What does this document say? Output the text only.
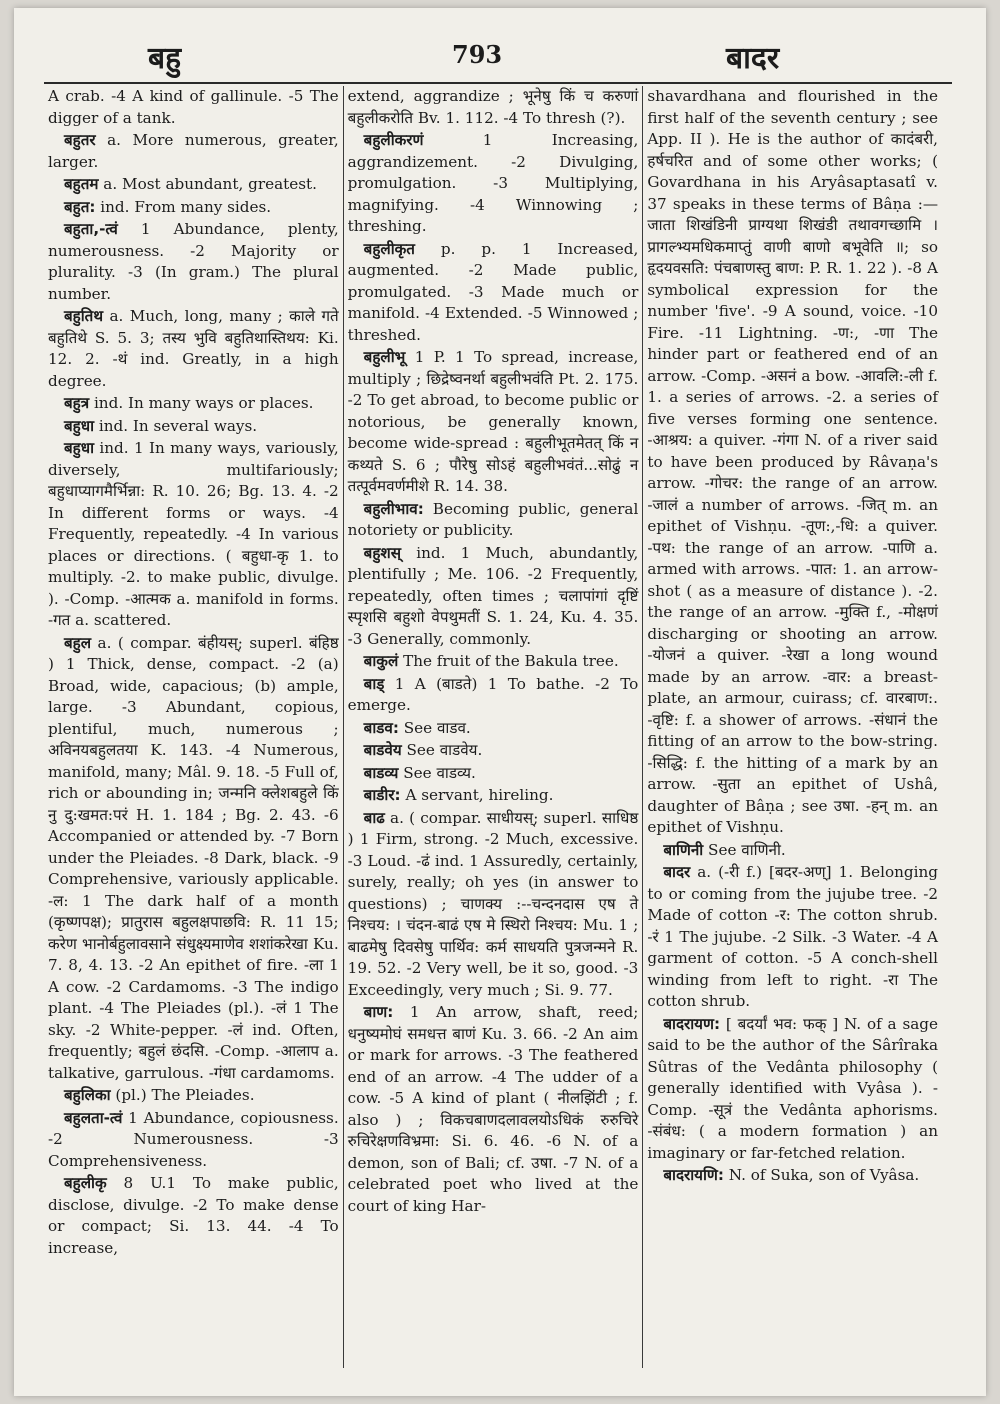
बहु	793	बादर

A crab. -4 A kind of gallinule. -5 The digger of a tank.

बहुतर a. More numerous, greater, larger.

बहुतम a. Most abundant, greatest.

बहुत: ind. From many sides.

बहुता,-त्वं 1 Abundance, plenty, numerousness. -2 Majority or plurality. -3 (In gram.) The plural number.

बहुतिथ a. Much, long, many ; काले गते बहुतिथे S. 5. 3; तस्य भुवि बहुतिथास्तिथय: Ki. 12. 2. -थं ind. Greatly, in a high degree.

बहुत्र ind. In many ways or places.

बहुधा ind. In several ways.

बहुधा ind. 1 In many ways, variously, diversely, multifariously; बहुधाप्यागमैर्भिन्ना: R. 10. 26; Bg. 13. 4. -2 In different forms or ways. -4 Frequently, repeatedly. -4 In various places or directions. ( बहुधा-कृ 1. to multiply. -2. to make public, divulge. ). -Comp. -आत्मक a. manifold in forms. -गत a. scattered.

बहुल a. ( compar. बंहीयस्; superl. बंहिष्ठ ) 1 Thick, dense, compact. -2 (a) Broad, wide, capacious; (b) ample, large. -3 Abundant, copious, plentiful, much, numerous ; अविनयबहुलतया K. 143. -4 Numerous, manifold, many; Mâl. 9. 18. -5 Full of, rich or abounding in; जन्मनि क्लेशबहुले किं नु दु:खमत:परं H. 1. 184 ; Bg. 2. 43. -6 Accompanied or attended by. -7 Born under the Pleiades. -8 Dark, black. -9 Comprehensive, variously applicable. -ल: 1 The dark half of a month (कृष्णपक्ष); प्रातुरास बहुलक्षपाछवि: R. 11 15; करेण भानोर्बहुलावसाने संधुक्ष्यमाणेव शशांकरेखा Ku. 7. 8, 4. 13. -2 An epithet of fire. -ला 1 A cow. -2 Cardamoms. -3 The indigo plant. -4 The Pleiades (pl.). -लं 1 The sky. -2 White-pepper. -लं ind. Often, frequently; बहुलं छंदसि. -Comp. -आलाप a. talkative, garrulous. -गंधा cardamoms.

बहुलिका (pl.) The Pleiades.

बहुलता-त्वं 1 Abundance, copiousness. -2 Numerousness. -3 Comprehensiveness.

बहुलीकृ 8 U.1 To make public, disclose, divulge. -2 To make dense or compact; Si. 13. 44. -4 To increase,

extend, aggrandize ; भूनेषु किं च करुणां बहुलीकरोति Bv. 1. 112. -4 To thresh (?).

बहुलीकरणं 1 Increasing, aggrandizement. -2 Divulging, promulgation. -3 Multiplying, magnifying. -4 Winnowing ; threshing.

बहुलीकृत p. p. 1 Increased, augmented. -2 Made public, promulgated. -3 Made much or manifold. -4 Extended. -5 Winnowed ; threshed.

बहुलीभू 1 P. 1 To spread, increase, multiply ; छिद्रेष्वनर्था बहुलीभवंति Pt. 2. 175. -2 To get abroad, to become public or notorious, be generally known, become wide-spread : बहुलीभूतमेतत् किं न कथ्यते S. 6 ; पौरेषु सोऽहं बहुलीभवंतं...सोढुं न तत्पूर्वमवर्णमीशे R. 14. 38.

बहुलीभाव: Becoming public, general notoriety or publicity.

बहुशस् ind. 1 Much, abundantly, plentifully ; Me. 106. -2 Frequently, repeatedly, often times ; चलापांगां दृष्टिं स्पृशसि बहुशो वेपथुमतीं S. 1. 24, Ku. 4. 35. -3 Generally, commonly.

बाकुलं The fruit of the Bakula tree.

बाड् 1 A (बाडते) 1 To bathe. -2 To emerge.

बाडव: See वाडव.

बाडवेय See वाडवेय.

बाडव्य See वाडव्य.

बाडीर: A servant, hireling.

बाढ a. ( compar. साधीयस्; superl. साधिष्ठ ) 1 Firm, strong. -2 Much, excessive. -3 Loud. -ढं ind. 1 Assuredly, certainly, surely, really; oh yes (in answer to questions) ; चाणक्य :--चन्दनदास एष ते निश्चय: । चंदन-बाढं एष मे स्थिरो निश्चय: Mu. 1 ; बाढमेषु दिवसेषु पार्थिव: कर्म साधयति पुत्रजन्मने R. 19. 52. -2 Very well, be it so, good. -3 Exceedingly, very much ; Si. 9. 77.

बाण: 1 An arrow, shaft, reed; धनुष्यमोघं समधत्त बाणं Ku. 3. 66. -2 An aim or mark for arrows. -3 The feathered end of an arrow. -4 The udder of a cow. -5 A kind of plant ( नीलझिंटी ; f. also ) ; विकचबाणदलावलयोऽधिकं रुरुचिरे रुचिरेक्षणविभ्रमा: Si. 6. 46. -6 N. of a demon, son of Bali; cf. उषा. -7 N. of a celebrated poet who lived at the court of king Har-

shavardhana and flourished in the first half of the seventh century ; see App. II ). He is the author of कादंबरी, हर्षचरित and of some other works; ( Govardhana in his Aryâsaptasatî v. 37 speaks in these terms of Bâṇa :—जाता शिखंडिनी प्राग्यथा शिखंडी तथावगच्छामि । प्रागल्भ्यमधिकमाप्तुं वाणी बाणो बभूवेति ॥; so हृदयवसति: पंचबाणस्तु बाण: P. R. 1. 22 ). -8 A symbolical expression for the number 'five'. -9 A sound, voice. -10 Fire. -11 Lightning. -ण:, -णा The hinder part or feathered end of an arrow. -Comp. -असनं a bow. -आवलि:-ली f. 1. a series of arrows. -2. a series of five verses forming one sentence. -आश्रय: a quiver. -गंगा N. of a river said to have been produced by Râvaṇa's arrow. -गोचर: the range of an arrow. -जालं a number of arrows. -जित् m. an epithet of Vishṇu. -तूण:,-धि: a quiver. -पथ: the range of an arrow. -पाणि a. armed with arrows. -पात: 1. an arrow-shot ( as a measure of distance ). -2. the range of an arrow. -मुक्ति f., -मोक्षणं discharging or shooting an arrow. -योजनं a quiver. -रेखा a long wound made by an arrow. -वार: a breast-plate, an armour, cuirass; cf. वारबाण:. -वृष्टि: f. a shower of arrows. -संधानं the fitting of an arrow to the bow-string. -सिद्धि: f. the hitting of a mark by an arrow. -सुता an epithet of Ushâ, daughter of Bâṇa ; see उषा. -हन् m. an epithet of Vishṇu.

बाणिनी See वाणिनी.

बादर a. (-री f.) [बदर-अण्] 1. Belonging to or coming from the jujube tree. -2 Made of cotton -र: The cotton shrub. -रं 1 The jujube. -2 Silk. -3 Water. -4 A garment of cotton. -5 A conch-shell winding from left to right. -रा The cotton shrub.

बादरायण: [ बदर्यां भव: फक् ] N. of a sage said to be the author of the Sârîraka Sûtras of the Vedânta philosophy ( generally identified with Vyâsa ). -Comp. -सूत्रं the Vedânta aphorisms. -संबंध: ( a modern formation ) an imaginary or far-fetched relation.

बादरायणि: N. of Suka, son of Vyâsa.
